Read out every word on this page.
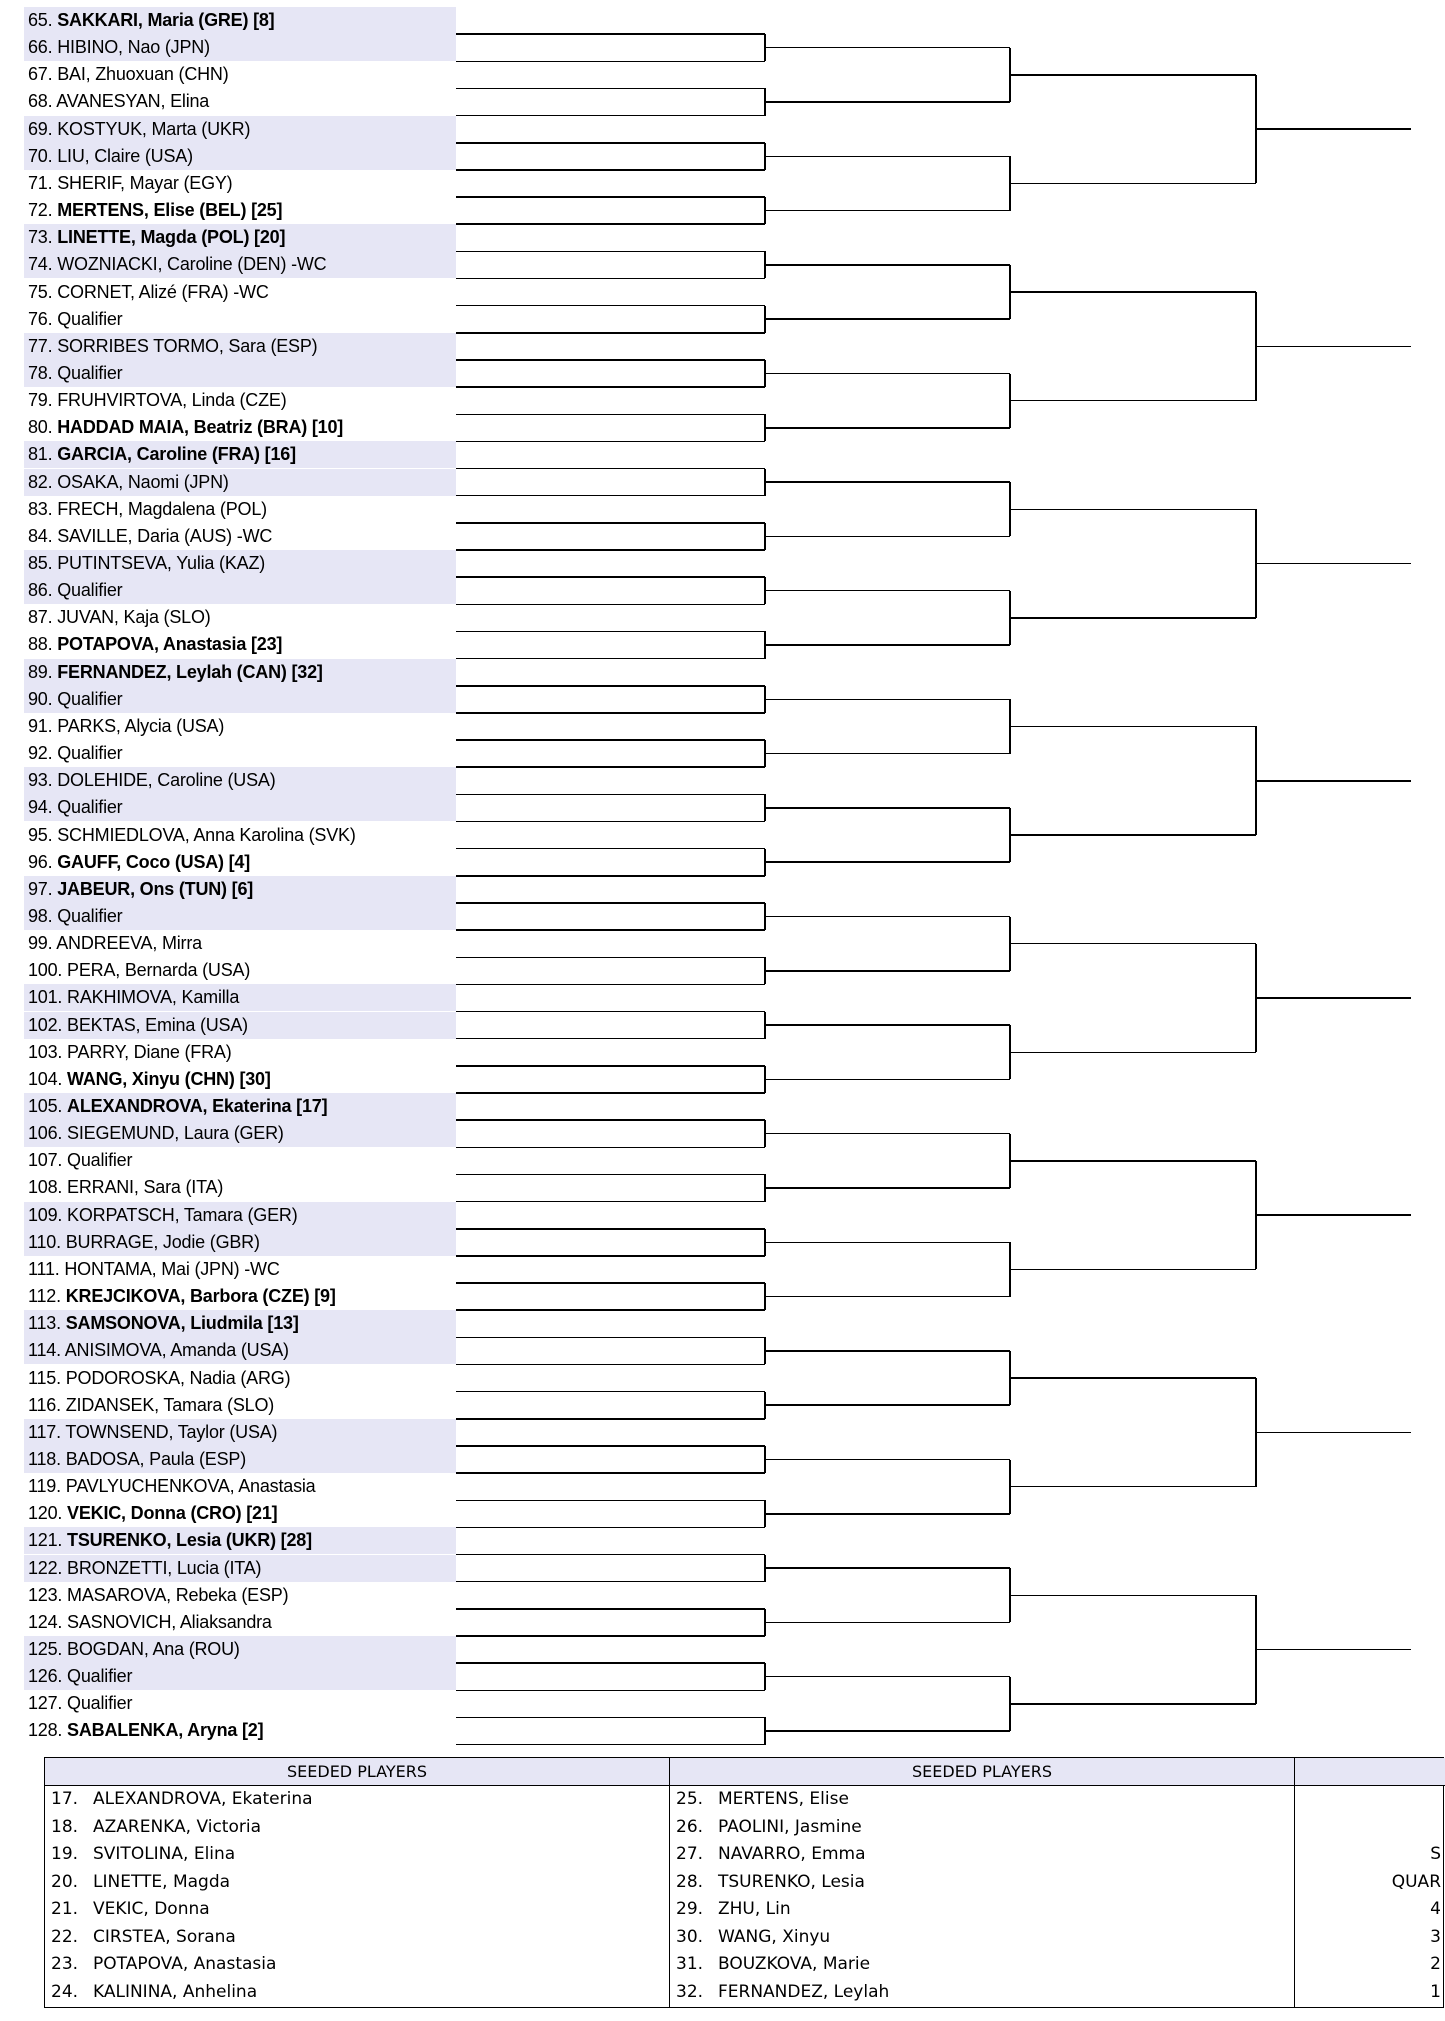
65. SAKKARI, Maria (GRE) [8]
66. HIBINO, Nao (JPN)
67. BAI, Zhuoxuan (CHN)
68. AVANESYAN, Elina
69. KOSTYUK, Marta (UKR)
70. LIU, Claire (USA)
71. SHERIF, Mayar (EGY)
72. MERTENS, Elise (BEL) [25]
73. LINETTE, Magda (POL) [20]
74. WOZNIACKI, Caroline (DEN) -WC
75. CORNET, Alizé (FRA) -WC
76. Qualifier
77. SORRIBES TORMO, Sara (ESP)
78. Qualifier
79. FRUHVIRTOVA, Linda (CZE)
80. HADDAD MAIA, Beatriz (BRA) [10]
81. GARCIA, Caroline (FRA) [16]
82. OSAKA, Naomi (JPN)
83. FRECH, Magdalena (POL)
84. SAVILLE, Daria (AUS) -WC
85. PUTINTSEVA, Yulia (KAZ)
86. Qualifier
87. JUVAN, Kaja (SLO)
88. POTAPOVA, Anastasia [23]
89. FERNANDEZ, Leylah (CAN) [32]
90. Qualifier
91. PARKS, Alycia (USA)
92. Qualifier
93. DOLEHIDE, Caroline (USA)
94. Qualifier
95. SCHMIEDLOVA, Anna Karolina (SVK)
96. GAUFF, Coco (USA) [4]
97. JABEUR, Ons (TUN) [6]
98. Qualifier
99. ANDREEVA, Mirra
100. PERA, Bernarda (USA)
101. RAKHIMOVA, Kamilla
102. BEKTAS, Emina (USA)
103. PARRY, Diane (FRA)
104. WANG, Xinyu (CHN) [30]
105. ALEXANDROVA, Ekaterina [17]
106. SIEGEMUND, Laura (GER)
107. Qualifier
108. ERRANI, Sara (ITA)
109. KORPATSCH, Tamara (GER)
110. BURRAGE, Jodie (GBR)
111. HONTAMA, Mai (JPN) -WC
112. KREJCIKOVA, Barbora (CZE) [9]
113. SAMSONOVA, Liudmila [13]
114. ANISIMOVA, Amanda (USA)
115. PODOROSKA, Nadia (ARG)
116. ZIDANSEK, Tamara (SLO)
117. TOWNSEND, Taylor (USA)
118. BADOSA, Paula (ESP)
119. PAVLYUCHENKOVA, Anastasia
120. VEKIC, Donna (CRO) [21]
121. TSURENKO, Lesia (UKR) [28]
122. BRONZETTI, Lucia (ITA)
123. MASAROVA, Rebeka (ESP)
124. SASNOVICH, Aliaksandra
125. BOGDAN, Ana (ROU)
126. Qualifier
127. Qualifier
128. SABALENKA, Aryna [2]
SEEDED PLAYERS
17. ALEXANDROVA, Ekaterina
18. AZARENKA, Victoria
19. SVITOLINA, Elina
20. LINETTE, Magda
21. VEKIC, Donna
22. CIRSTEA, Sorana
23. POTAPOVA, Anastasia
24. KALININA, Anhelina
SEEDED PLAYERS
25. MERTENS, Elise
26. PAOLINI, Jasmine
27. NAVARRO, Emma
28. TSURENKO, Lesia
29. ZHU, Lin
30. WANG, Xinyu
31. BOUZKOVA, Marie
32. FERNANDEZ, Leylah
S
QUAR
4
3
2
1
